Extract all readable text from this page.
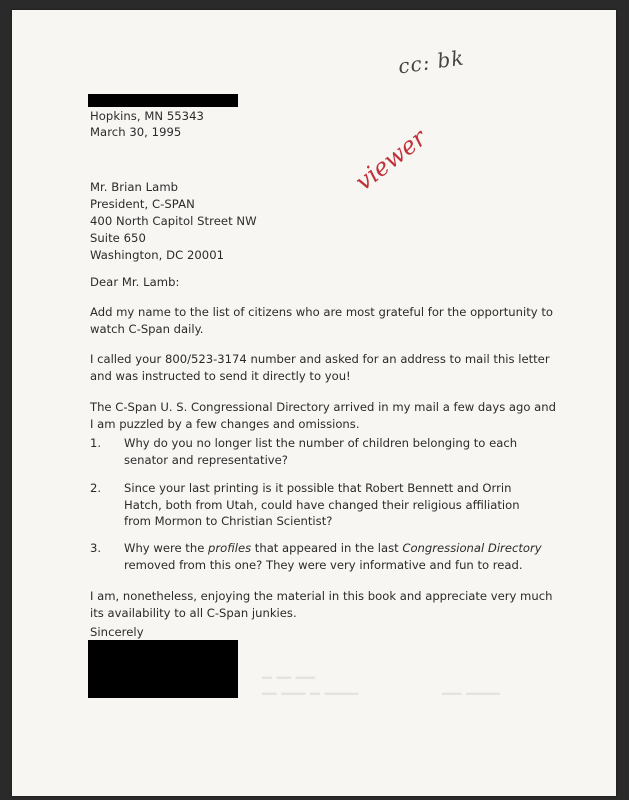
cc: bk
viewer
Hopkins, MN 55343
March 30, 1995
Mr. Brian Lamb
President, C-SPAN
400 North Capitol Street NW
Suite 650
Washington, DC 20001
Dear Mr. Lamb:
Add my name to the list of citizens who are most grateful for the opportunity to watch C-Span daily.
I called your 800/523-3174 number and asked for an address to mail this letter and was instructed to send it directly to you!
The C-Span U. S. Congressional Directory arrived in my mail a few days ago and I am puzzled by a few changes and omissions.
1. Why do you no longer list the number of children belonging to each senator and representative?
2. Since your last printing is it possible that Robert Bennett and Orrin Hatch, both from Utah, could have changed their religious affiliation from Mormon to Christian Scientist?
3. Why were the profiles that appeared in the last Congressional Directory removed from this one? They were very informative and fun to read.
I am, nonetheless, enjoying the material in this book and appreciate very much its availability to all C-Span junkies.
Sincerely
▂▂ ▂▂▂ ▂▂▂▂
▂▂▂ ▂▂▂▂▂ ▂▂ ▂▂▂▂▂▂▂	▂▂▂▂ ▂▂▂▂▂▂▂
